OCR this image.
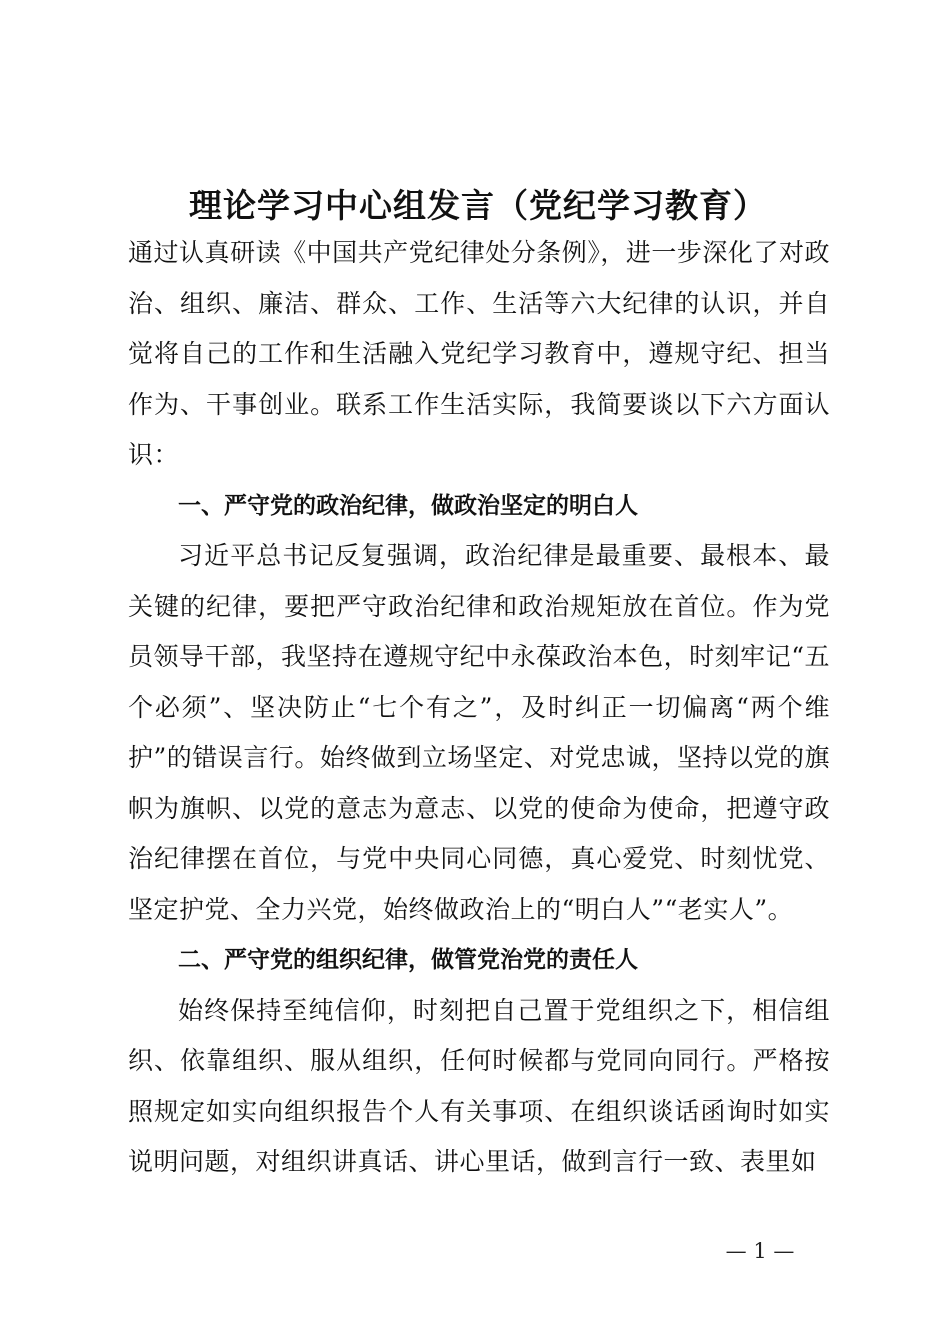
理论学习中心组发言（党纪学习教育）

通过认真研读《中国共产党纪律处分条例》，进一步深化了对政治、组织、廉洁、群众、工作、生活等六大纪律的认识，并自觉将自己的工作和生活融入党纪学习教育中，遵规守纪、担当作为、干事创业。联系工作生活实际，我简要谈以下六方面认识：

一、严守党的政治纪律，做政治坚定的明白人

习近平总书记反复强调，政治纪律是最重要、最根本、最关键的纪律，要把严守政治纪律和政治规矩放在首位。作为党员领导干部，我坚持在遵规守纪中永葆政治本色，时刻牢记“五个必须”、坚决防止“七个有之”，及时纠正一切偏离“两个维护”的错误言行。始终做到立场坚定、对党忠诚，坚持以党的旗帜为旗帜、以党的意志为意志、以党的使命为使命，把遵守政治纪律摆在首位，与党中央同心同德，真心爱党、时刻忧党、坚定护党、全力兴党，始终做政治上的“明白人”“老实人”。

二、严守党的组织纪律，做管党治党的责任人

始终保持至纯信仰，时刻把自己置于党组织之下，相信组织、依靠组织、服从组织，任何时候都与党同向同行。严格按照规定如实向组织报告个人有关事项、在组织谈话函询时如实说明问题，对组织讲真话、讲心里话，做到言行一致、表里如

— 1 —
